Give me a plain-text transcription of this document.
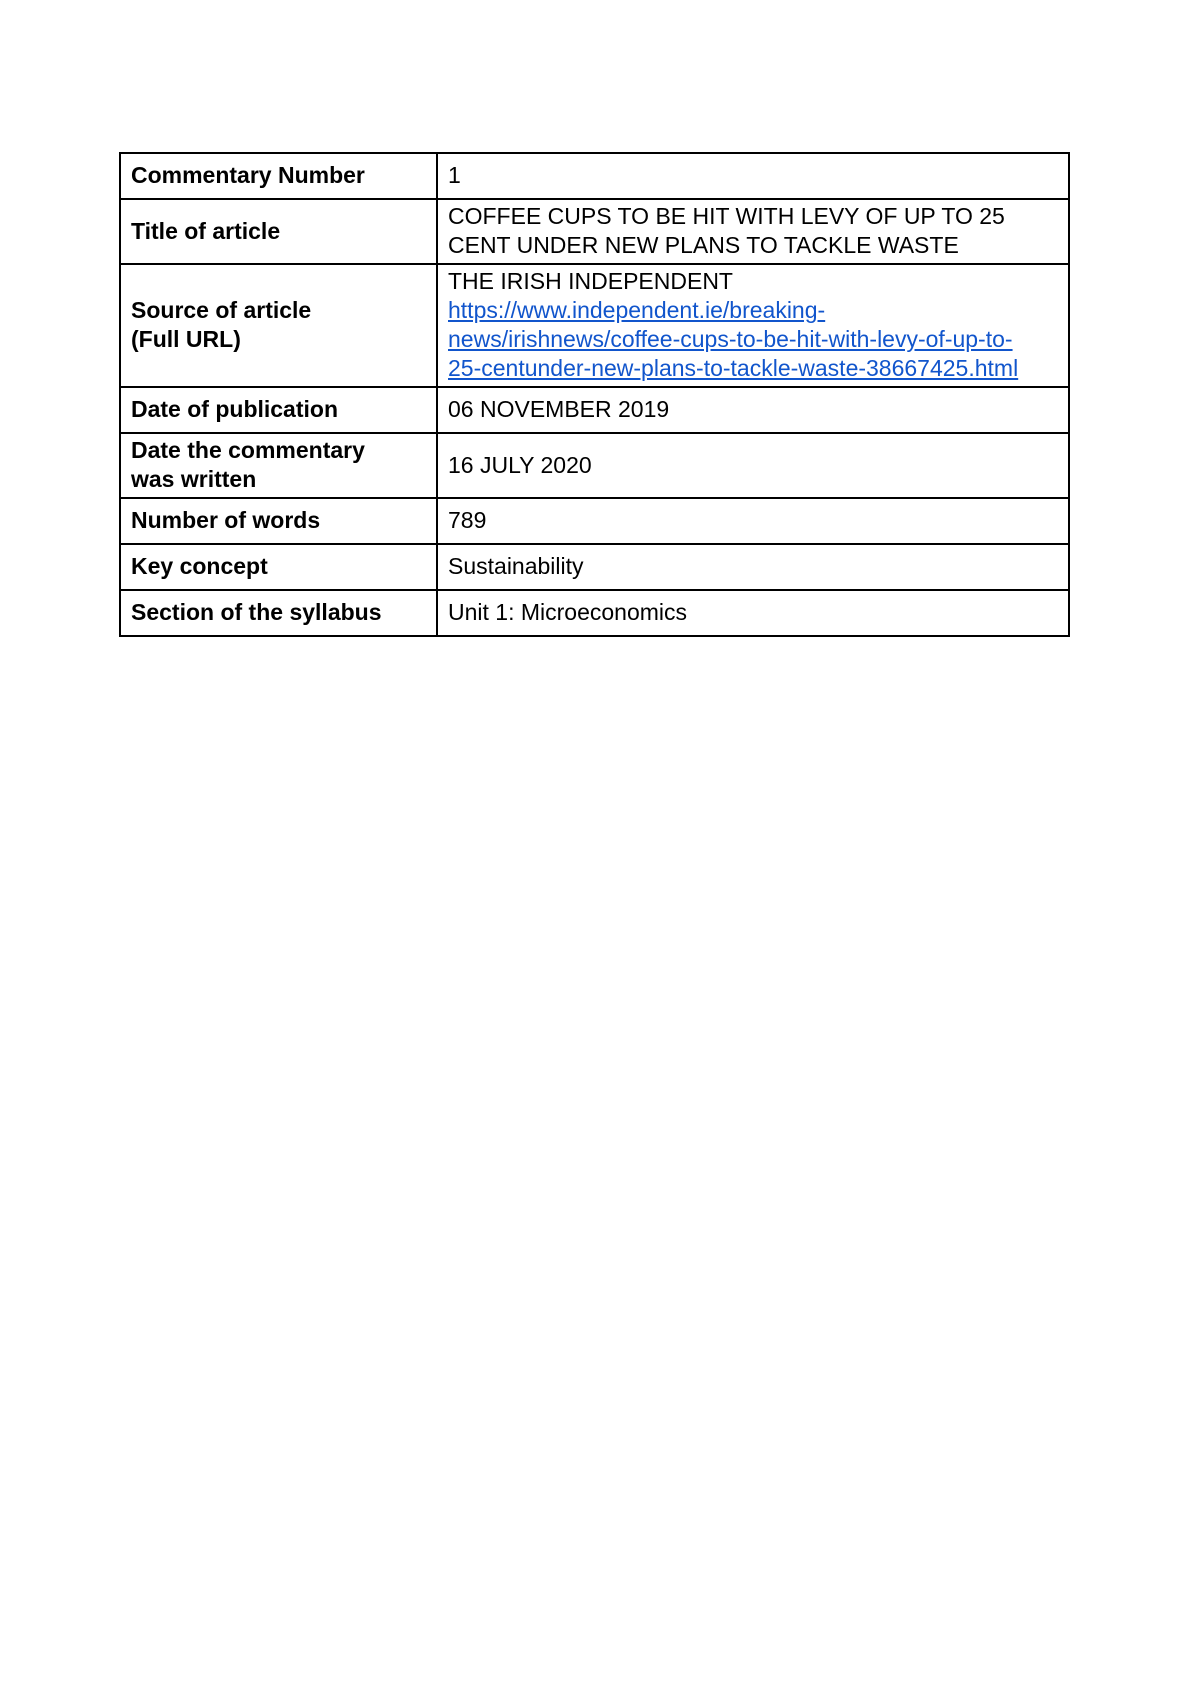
Commentary Number	1
Title of article	COFFEE CUPS TO BE HIT WITH LEVY OF UP TO 25
CENT UNDER NEW PLANS TO TACKLE WASTE

Source of article
(Full URL)	THE IRISH INDEPENDENT
https://www.independent.ie/breaking-
news/irishnews/coffee-cups-to-be-hit-with-levy-of-up-to-
25-centunder-new-plans-to-tackle-waste-38667425.html

Date of publication	06 NOVEMBER 2019

Date the commentary
was written	16 JULY 2020
Number of words	789
Key concept	Sustainability
Section of the syllabus	Unit 1: Microeconomics
